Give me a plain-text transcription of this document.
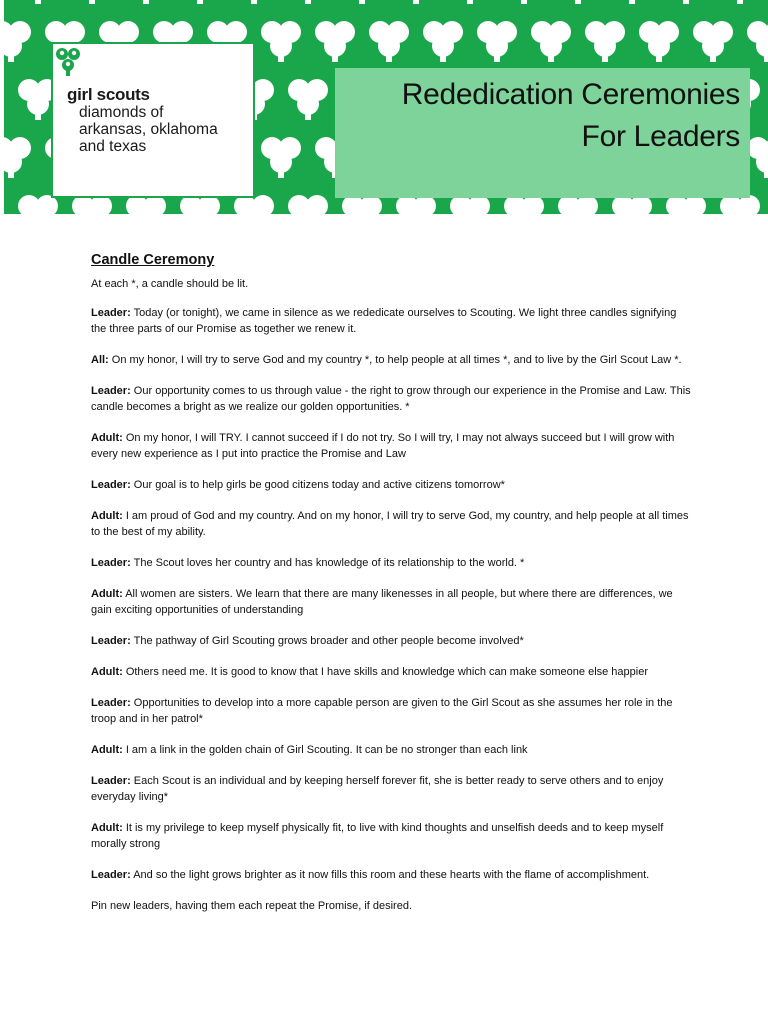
girl scouts
diamonds of
arkansas, oklahoma
and texas
Rededication Ceremonies
For Leaders
Candle Ceremony
At each *, a candle should be lit.
Leader: Today (or tonight), we came in silence as we rededicate ourselves to Scouting. We light three candles signifying the three parts of our Promise as together we renew it.
All: On my honor, I will try to serve God and my country *, to help people at all times *, and to live by the Girl Scout Law *.
Leader: Our opportunity comes to us through value - the right to grow through our experience in the Promise and Law. This candle becomes a bright as we realize our golden opportunities. *
Adult: On my honor, I will TRY. I cannot succeed if I do not try. So I will try, I may not always succeed but I will grow with every new experience as I put into practice the Promise and Law
Leader: Our goal is to help girls be good citizens today and active citizens tomorrow*
Adult: I am proud of God and my country. And on my honor, I will try to serve God, my country, and help people at all times to the best of my ability.
Leader: The Scout loves her country and has knowledge of its relationship to the world. *
Adult: All women are sisters. We learn that there are many likenesses in all people, but where there are differences, we gain exciting opportunities of understanding
Leader: The pathway of Girl Scouting grows broader and other people become involved*
Adult: Others need me. It is good to know that I have skills and knowledge which can make someone else happier
Leader: Opportunities to develop into a more capable person are given to the Girl Scout as she assumes her role in the troop and in her patrol*
Adult: I am a link in the golden chain of Girl Scouting. It can be no stronger than each link
Leader: Each Scout is an individual and by keeping herself forever fit, she is better ready to serve others and to enjoy everyday living*
Adult: It is my privilege to keep myself physically fit, to live with kind thoughts and unselfish deeds and to keep myself morally strong
Leader: And so the light grows brighter as it now fills this room and these hearts with the flame of accomplishment.
Pin new leaders, having them each repeat the Promise, if desired.
